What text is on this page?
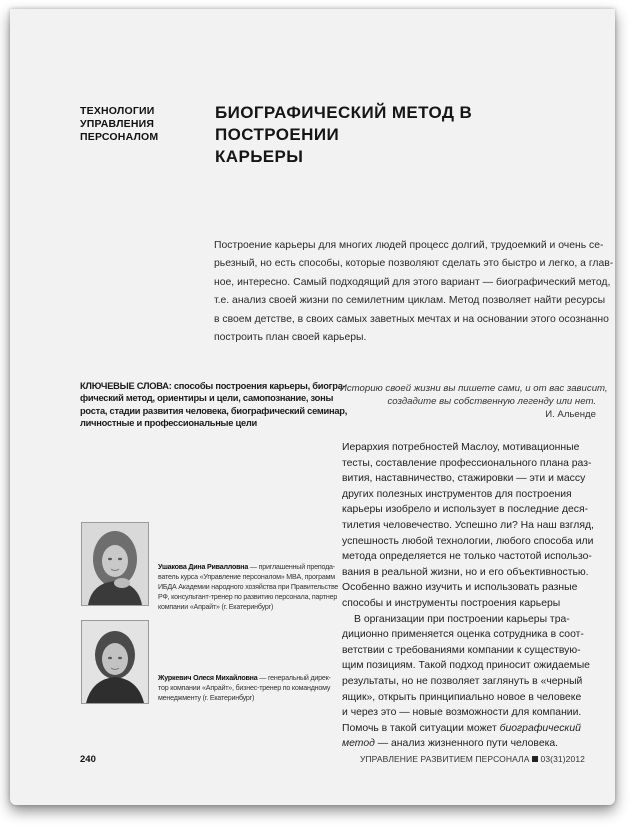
ТЕХНОЛОГИИ
УПРАВЛЕНИЯ
ПЕРСОНАЛОМ
БИОГРАФИЧЕСКИЙ МЕТОД В ПОСТРОЕНИИ
КАРЬЕРЫ
Построение карьеры для многих людей процесс долгий, трудоемкий и очень се-
рьезный, но есть способы, которые позволяют сделать это быстро и легко, а глав-
ное, интересно. Самый подходящий для этого вариант — биографический метод,
т.е. анализ своей жизни по семилетним циклам. Метод позволяет найти ресурсы
в своем детстве, в своих самых заветных мечтах и на основании этого осознанно
построить план своей карьеры.
КЛЮЧЕВЫЕ СЛОВА: способы построения карьеры, биогра-
фический метод, ориентиры и цели, самопознание, зоны
роста, стадии развития человека, биографический семинар,
личностные и профессиональные цели
Историю своей жизни вы пишете сами, и от вас зависит,
создадите вы собственную легенду или нет.
И. Альенде
Иерархия потребностей Маслоу, мотивационные
тесты, составление профессионального плана раз-
вития, наставничество, стажировки — эти и массу
других полезных инструментов для построения
карьеры изобрело и использует в последние деся-
тилетия человечество. Успешно ли? На наш взгляд,
успешность любой технологии, любого способа или
метода определяется не только частотой использо-
вания в реальной жизни, но и его объективностью.
Особенно важно изучить и использовать разные
способы и инструменты построения карьеры
В организации при построении карьеры тра-
диционно применяется оценка сотрудника в соот-
ветствии с требованиями компании к существую-
щим позициям. Такой подход приносит ожидаемые
результаты, но не позволяет заглянуть в «черный
ящик», открыть принципиально новое в человеке
и через это — новые возможности для компании.
Помочь в такой ситуации может биографический
метод — анализ жизненного пути человека.
Ушакова Дина Ривалловна — приглашенный препода-
ватель курса «Управление персоналом» MBA, программ
ИБДА Академии народного хозяйства при Правительстве
РФ, консультант-тренер по развитию персонала, партнер
компании «Апрайт» (г. Екатеринбург)
Журкевич Олеся Михайловна — генеральный дирек-
тор компании «Апрайт», бизнес-тренер по командному
менеджменту (г. Екатеринбург)
240	УПРАВЛЕНИЕ РАЗВИТИЕМ ПЕРСОНАЛА 03(31)2012
